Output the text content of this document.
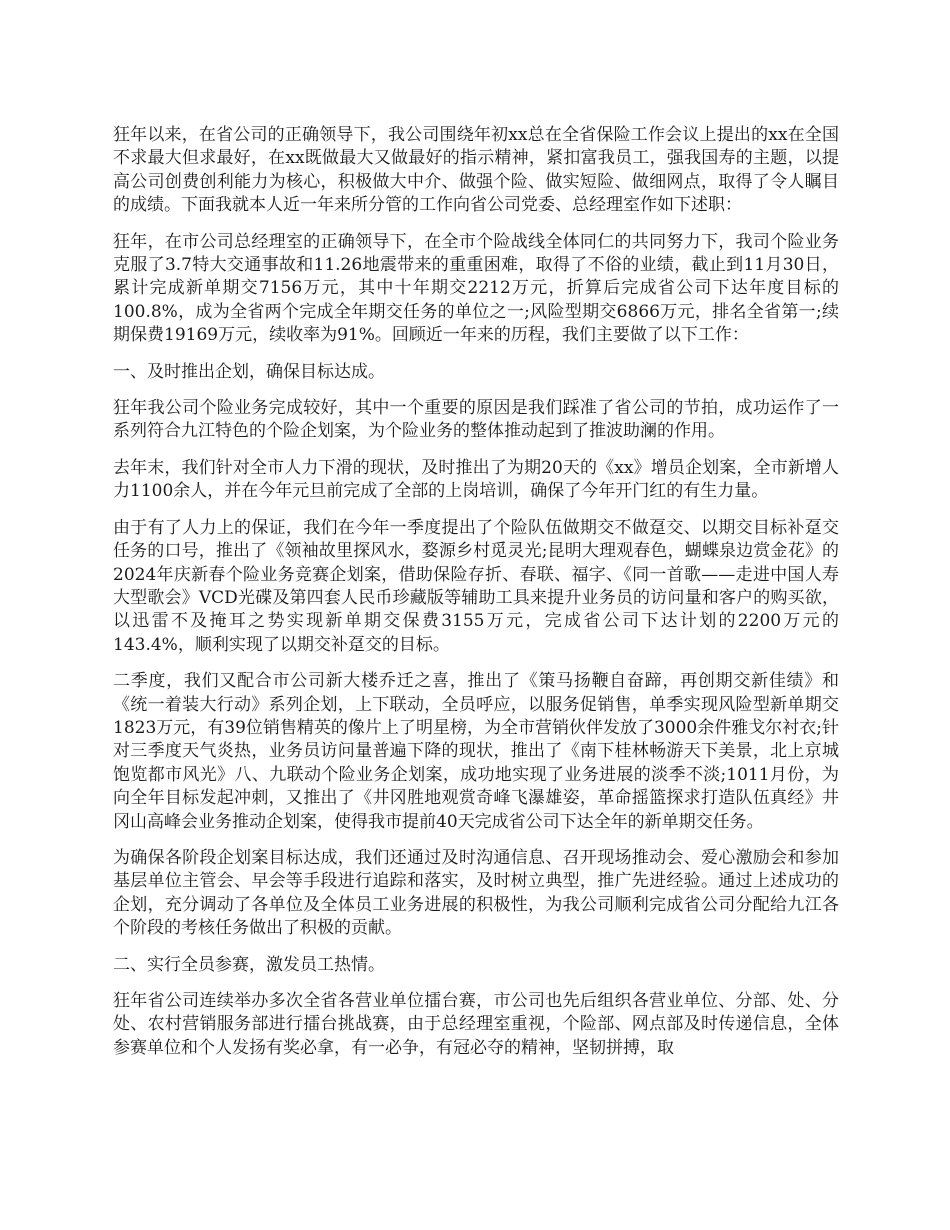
狂年以来，在省公司的正确领导下，我公司围绕年初xx总在全省保险工作会议上提出的xx在全国不求最大但求最好，在xx既做最大又做最好的指示精神，紧扣富我员工，强我国寿的主题，以提高公司创费创利能力为核心，积极做大中介、做强个险、做实短险、做细网点，取得了令人瞩目的成绩。下面我就本人近一年来所分管的工作向省公司党委、总经理室作如下述职：

狂年，在市公司总经理室的正确领导下，在全市个险战线全体同仁的共同努力下，我司个险业务克服了3.7特大交通事故和11.26地震带来的重重困难，取得了不俗的业绩，截止到11月30日，累计完成新单期交7156万元，其中十年期交2212万元，折算后完成省公司下达年度目标的100.8%，成为全省两个完成全年期交任务的单位之一;风险型期交6866万元，排名全省第一;续期保费19169万元，续收率为91%。回顾近一年来的历程，我们主要做了以下工作：

一、及时推出企划，确保目标达成。

狂年我公司个险业务完成较好，其中一个重要的原因是我们踩准了省公司的节拍，成功运作了一系列符合九江特色的个险企划案，为个险业务的整体推动起到了推波助澜的作用。

去年末，我们针对全市人力下滑的现状，及时推出了为期20天的《xx》增员企划案，全市新增人力1100余人，并在今年元旦前完成了全部的上岗培训，确保了今年开门红的有生力量。

由于有了人力上的保证，我们在今年一季度提出了个险队伍做期交不做趸交、以期交目标补趸交任务的口号，推出了《领袖故里探风水，婺源乡村觅灵光;昆明大理观春色，蝴蝶泉边赏金花》的2024年庆新春个险业务竞赛企划案，借助保险存折、春联、福字、《同一首歌——走进中国人寿大型歌会》VCD光碟及第四套人民币珍藏版等辅助工具来提升业务员的访问量和客户的购买欲，以迅雷不及掩耳之势实现新单期交保费3155万元，完成省公司下达计划的2200万元的143.4%，顺利实现了以期交补趸交的目标。

二季度，我们又配合市公司新大楼乔迁之喜，推出了《策马扬鞭自奋蹄，再创期交新佳绩》和《统一着装大行动》系列企划，上下联动，全员呼应，以服务促销售，单季实现风险型新单期交1823万元，有39位销售精英的像片上了明星榜，为全市营销伙伴发放了3000余件雅戈尔衬衣;针对三季度天气炎热，业务员访问量普遍下降的现状，推出了《南下桂林畅游天下美景，北上京城饱览都市风光》八、九联动个险业务企划案，成功地实现了业务进展的淡季不淡;1011月份，为向全年目标发起冲刺，又推出了《井冈胜地观赏奇峰飞瀑雄姿，革命摇篮探求打造队伍真经》井冈山高峰会业务推动企划案，使得我市提前40天完成省公司下达全年的新单期交任务。

为确保各阶段企划案目标达成，我们还通过及时沟通信息、召开现场推动会、爱心激励会和参加基层单位主管会、早会等手段进行追踪和落实，及时树立典型，推广先进经验。通过上述成功的企划，充分调动了各单位及全体员工业务进展的积极性，为我公司顺利完成省公司分配给九江各个阶段的考核任务做出了积极的贡献。

二、实行全员参赛，激发员工热情。

狂年省公司连续举办多次全省各营业单位擂台赛，市公司也先后组织各营业单位、分部、处、分处、农村营销服务部进行擂台挑战赛，由于总经理室重视，个险部、网点部及时传递信息，全体参赛单位和个人发扬有奖必拿，有一必争，有冠必夺的精神，坚韧拼搏，取
